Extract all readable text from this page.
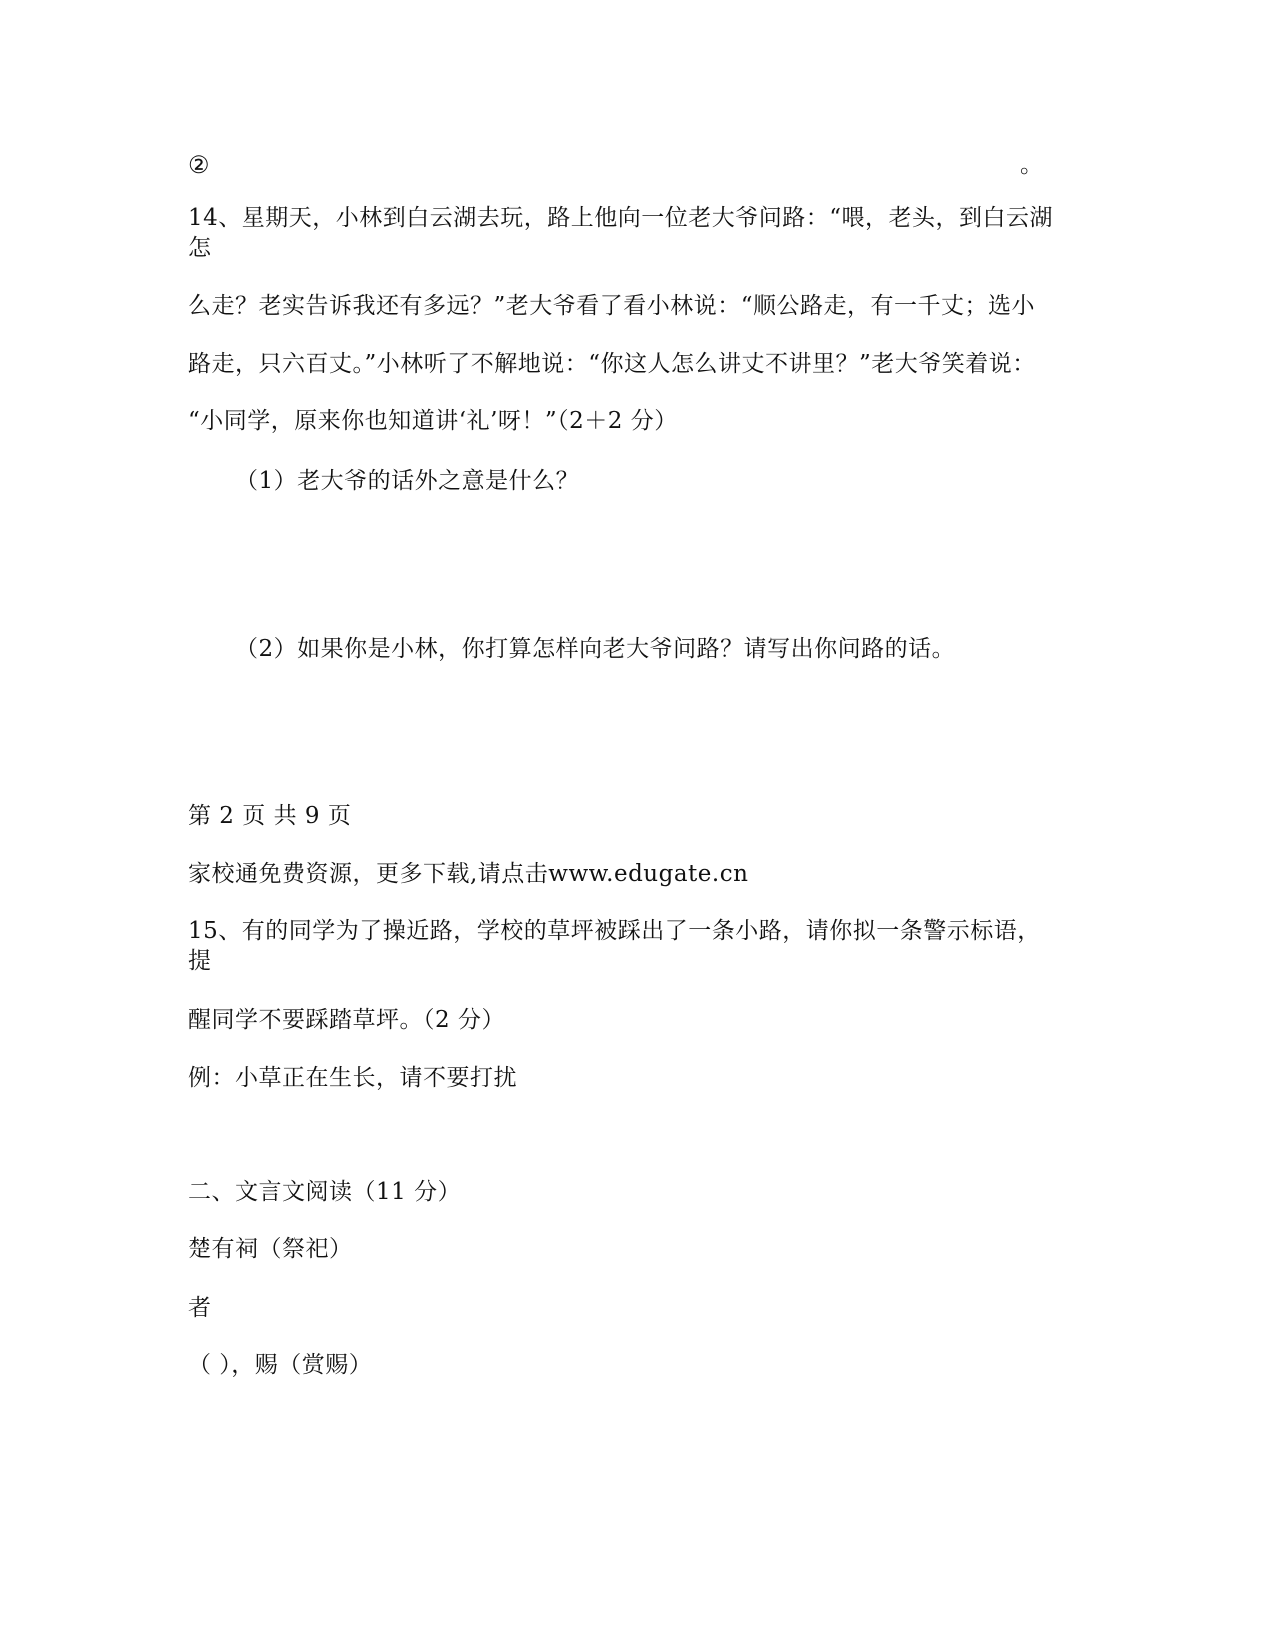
②	。
14、星期天，小林到白云湖去玩，路上他向一位老大爷问路：“喂，老头，到白云湖
怎
么走？老实告诉我还有多远？”老大爷看了看小林说：“顺公路走，有一千丈；选小
路走，只六百丈。”小林听了不解地说：“你这人怎么讲丈不讲里？”老大爷笑着说：
“小同学，原来你也知道讲‘礼’呀！”（2＋2 分）
（1）老大爷的话外之意是什么？
（2）如果你是小林，你打算怎样向老大爷问路？请写出你问路的话。
第 2 页 共 9 页
家校通免费资源，更多下载,请点击www.edugate.cn
15、有的同学为了操近路，学校的草坪被踩出了一条小路，请你拟一条警示标语，
提
醒同学不要踩踏草坪。（2 分）
例：小草正在生长，请不要打扰
二、文言文阅读（11 分）
楚有祠（祭祀）
者
（ ），赐（赏赐）
